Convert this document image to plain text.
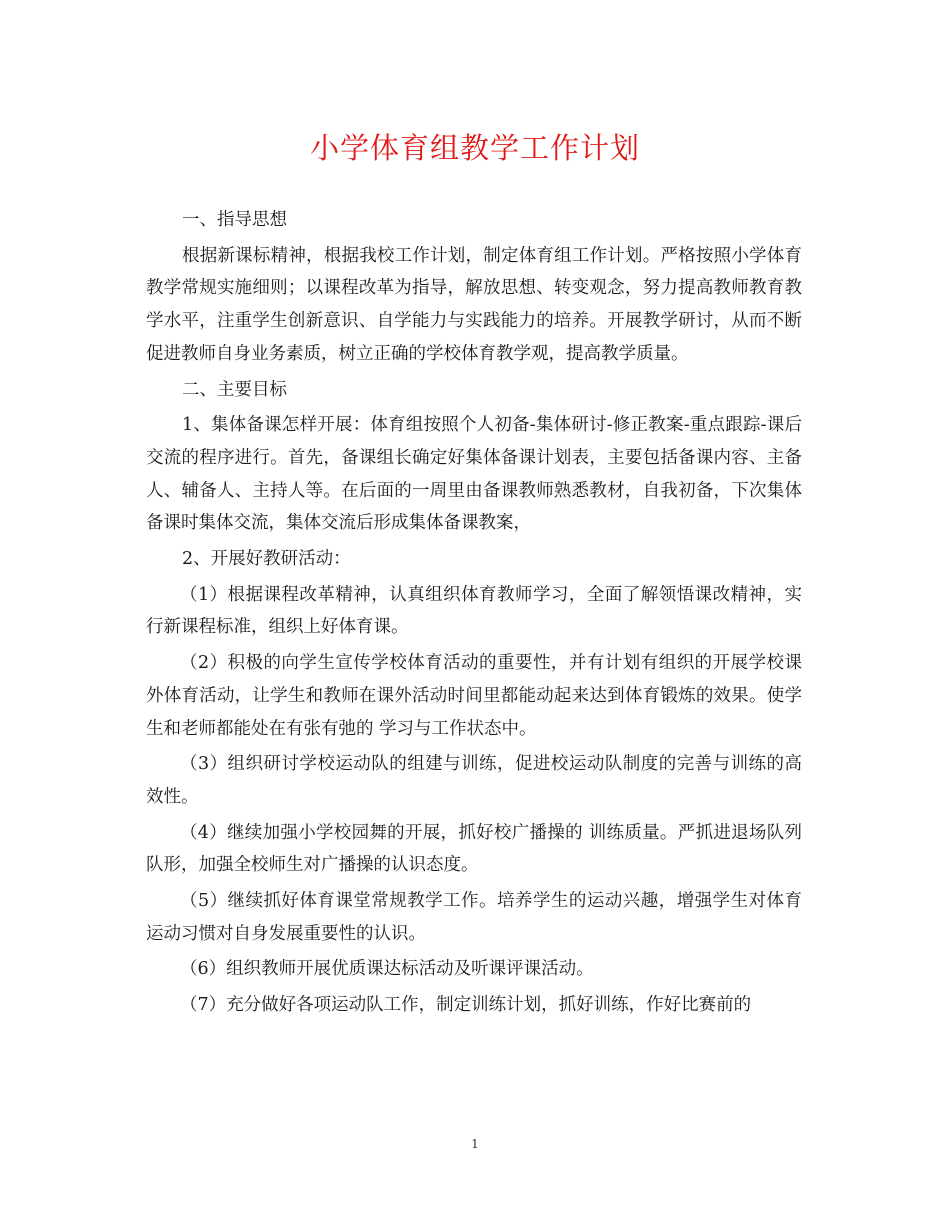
小学体育组教学工作计划

一、指导思想

根据新课标精神，根据我校工作计划，制定体育组工作计划。严格按照小学体育教学常规实施细则；以课程改革为指导，解放思想、转变观念，努力提高教师教育教学水平，注重学生创新意识、自学能力与实践能力的培养。开展教学研讨，从而不断促进教师自身业务素质，树立正确的学校体育教学观，提高教学质量。

二、主要目标

1、集体备课怎样开展：体育组按照个人初备-集体研讨-修正教案-重点跟踪-课后交流的程序进行。首先，备课组长确定好集体备课计划表，主要包括备课内容、主备人、辅备人、主持人等。在后面的一周里由备课教师熟悉教材，自我初备，下次集体备课时集体交流，集体交流后形成集体备课教案，

2、开展好教研活动：

（1）根据课程改革精神，认真组织体育教师学习，全面了解领悟课改精神，实行新课程标准，组织上好体育课。

（2）积极的向学生宣传学校体育活动的重要性，并有计划有组织的开展学校课外体育活动，让学生和教师在课外活动时间里都能动起来达到体育锻炼的效果。使学生和老师都能处在有张有弛的 学习与工作状态中。

（3）组织研讨学校运动队的组建与训练，促进校运动队制度的完善与训练的高效性。

（4）继续加强小学校园舞的开展，抓好校广播操的 训练质量。严抓进退场队列队形，加强全校师生对广播操的认识态度。

（5）继续抓好体育课堂常规教学工作。培养学生的运动兴趣，增强学生对体育运动习惯对自身发展重要性的认识。

（6）组织教师开展优质课达标活动及听课评课活动。

（7）充分做好各项运动队工作，制定训练计划，抓好训练，作好比赛前的

1
